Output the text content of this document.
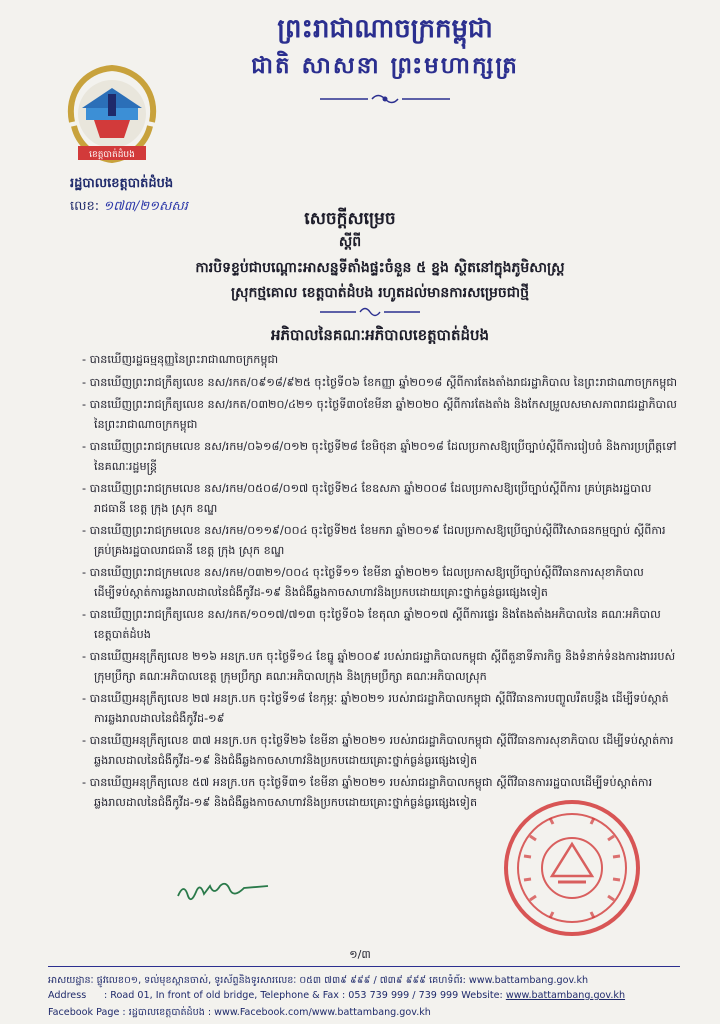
ព្រះរាជាណាចក្រកម្ពុជា
ជាតិ សាសនា ព្រះមហាក្សត្រ
ខេត្តបាត់ដំបង
រដ្ឋបាលខេត្តបាត់ដំបង
លេខ: ១៧៣/២១សសរ
សេចក្ដីសម្រេច
ស្ដីពី
ការបិទខ្ទប់ជាបណ្ដោះអាសន្នទីតាំងផ្ទះចំនួន ៥ ខ្នង ស្ថិតនៅក្នុងភូមិសាស្ត្រ
ស្រុកថ្មគោល ខេត្តបាត់ដំបង រហូតដល់មានការសម្រេចជាថ្មី
អភិបាលនៃគណៈអភិបាលខេត្តបាត់ដំបង
- បានឃើញរដ្ឋធម្មនុញ្ញនៃព្រះរាជាណាចក្រកម្ពុជា
- បានឃើញព្រះរាជក្រឹត្យលេខ នស/រកត/០៩១៨/៩២៥ ចុះថ្ងៃទី០៦ ខែកញ្ញា ឆ្នាំ២០១៨ ស្ដីពីការតែងតាំងរាជរដ្ឋាភិបាល នៃព្រះរាជាណាចក្រកម្ពុជា
- បានឃើញព្រះរាជក្រឹត្យលេខ នស/រកត/០៣២០/៤២១ ចុះថ្ងៃទី៣០ខែមីនា ឆ្នាំ២០២០ ស្ដីពីការតែងតាំង និងកែសម្រួលសមាសភាពរាជរដ្ឋាភិបាលនៃព្រះរាជាណាចក្រកម្ពុជា
- បានឃើញព្រះរាជក្រមលេខ នស/រកម/០៦១៨/០១២ ចុះថ្ងៃទី២៨ ខែមិថុនា ឆ្នាំ២០១៨ ដែលប្រកាសឱ្យប្រើច្បាប់ស្ដីពីការរៀបចំ និងការប្រព្រឹត្តទៅនៃគណៈរដ្ឋមន្ត្រី
- បានឃើញព្រះរាជក្រមលេខ នស/រកម/០៥០៨/០១៧ ចុះថ្ងៃទី២៤ ខែឧសភា ឆ្នាំ២០០៨ ដែលប្រកាសឱ្យប្រើច្បាប់ស្ដីពីការ គ្រប់គ្រងរដ្ឋបាលរាជធានី ខេត្ត ក្រុង ស្រុក ខណ្ឌ
- បានឃើញព្រះរាជក្រមលេខ នស/រកម/០១១៩/០០៤ ចុះថ្ងៃទី២៥ ខែមករា ឆ្នាំ២០១៩ ដែលប្រកាសឱ្យប្រើច្បាប់ស្ដីពីវិសោធនកម្មច្បាប់ ស្ដីពីការគ្រប់គ្រងរដ្ឋបាលរាជធានី ខេត្ត ក្រុង ស្រុក ខណ្ឌ
- បានឃើញព្រះរាជក្រមលេខ នស/រកម/០៣២១/០០៤ ចុះថ្ងៃទី១១ ខែមីនា ឆ្នាំ២០២១ ដែលប្រកាសឱ្យប្រើច្បាប់ស្ដីពីវិធានការសុខាភិបាលដើម្បីទប់ស្កាត់ការឆ្លងរាលដាលនៃជំងឺកូវីដ-១៩ និងជំងឺឆ្លងកាចសាហាវនិងប្រកបដោយគ្រោះថ្នាក់ធ្ងន់ធ្ងរផ្សេងទៀត
- បានឃើញព្រះរាជក្រឹត្យលេខ នស/រកត/១០១៧/៧១៣ ចុះថ្ងៃទី០៦ ខែតុលា ឆ្នាំ២០១៧ ស្ដីពីការផ្ទេរ និងតែងតាំងអភិបាលនៃ គណៈអភិបាលខេត្តបាត់ដំបង
- បានឃើញអនុក្រឹត្យលេខ ២១៦ អនក្រ.បក ចុះថ្ងៃទី១៤ ខែធ្នូ ឆ្នាំ២០០៩ របស់រាជរដ្ឋាភិបាលកម្ពុជា ស្ដីពីតួនាទីភារកិច្ច និងទំនាក់ទំនងការងាររបស់ក្រុមប្រឹក្សា គណៈអភិបាលខេត្ត ក្រុមប្រឹក្សា គណៈអភិបាលក្រុង និងក្រុមប្រឹក្សា គណៈអភិបាលស្រុក
- បានឃើញអនុក្រឹត្យលេខ ២៧ អនក្រ.បក ចុះថ្ងៃទី១៨ ខែកុម្ភៈ ឆ្នាំ២០២១ របស់រាជរដ្ឋាភិបាលកម្ពុជា ស្ដីពីវិធានការបញ្ចូលរឹតបន្ដឹង ដើម្បីទប់ស្កាត់ការឆ្លងរាលដាលនៃជំងឺកូវីដ-១៩
- បានឃើញអនុក្រឹត្យលេខ ៣៧ អនក្រ.បក ចុះថ្ងៃទី២៦ ខែមីនា ឆ្នាំ២០២១ របស់រាជរដ្ឋាភិបាលកម្ពុជា ស្ដីពីវិធានការសុខាភិបាល ដើម្បីទប់ស្កាត់ការឆ្លងរាលដាលនៃជំងឺកូវីដ-១៩ និងជំងឺឆ្លងកាចសាហាវនិងប្រកបដោយគ្រោះថ្នាក់ធ្ងន់ធ្ងរផ្សេងទៀត
- បានឃើញអនុក្រឹត្យលេខ ៥៧ អនក្រ.បក ចុះថ្ងៃទី៣១ ខែមីនា ឆ្នាំ២០២១ របស់រាជរដ្ឋាភិបាលកម្ពុជា ស្ដីពីវិធានការរដ្ឋបាលដើម្បីទប់ស្កាត់ការឆ្លងរាលដាលនៃជំងឺកូវីដ-១៩ និងជំងឺឆ្លងកាចសាហាវនិងប្រកបដោយគ្រោះថ្នាក់ធ្ងន់ធ្ងរផ្សេងទៀត
១/៣
អាសយដ្ឋានៈ ផ្លូវលេខ០១, ទល់មុខស្ពានចាស់, ទូរស័ព្ទនិងទូរសារលេខៈ ០៥៣ ៧៣៩ ៩៩៩ / ៧៣៩ ៩៩៩ គេហទំព័រ: www.battambang.gov.kh
Address : Road 01, In front of old bridge, Telephone & Fax : 053 739 999 / 739 999 Website: www.battambang.gov.kh
Facebook Page : រដ្ឋបាលខេត្តបាត់ដំបង : www.Facebook.com/www.battambang.gov.kh
